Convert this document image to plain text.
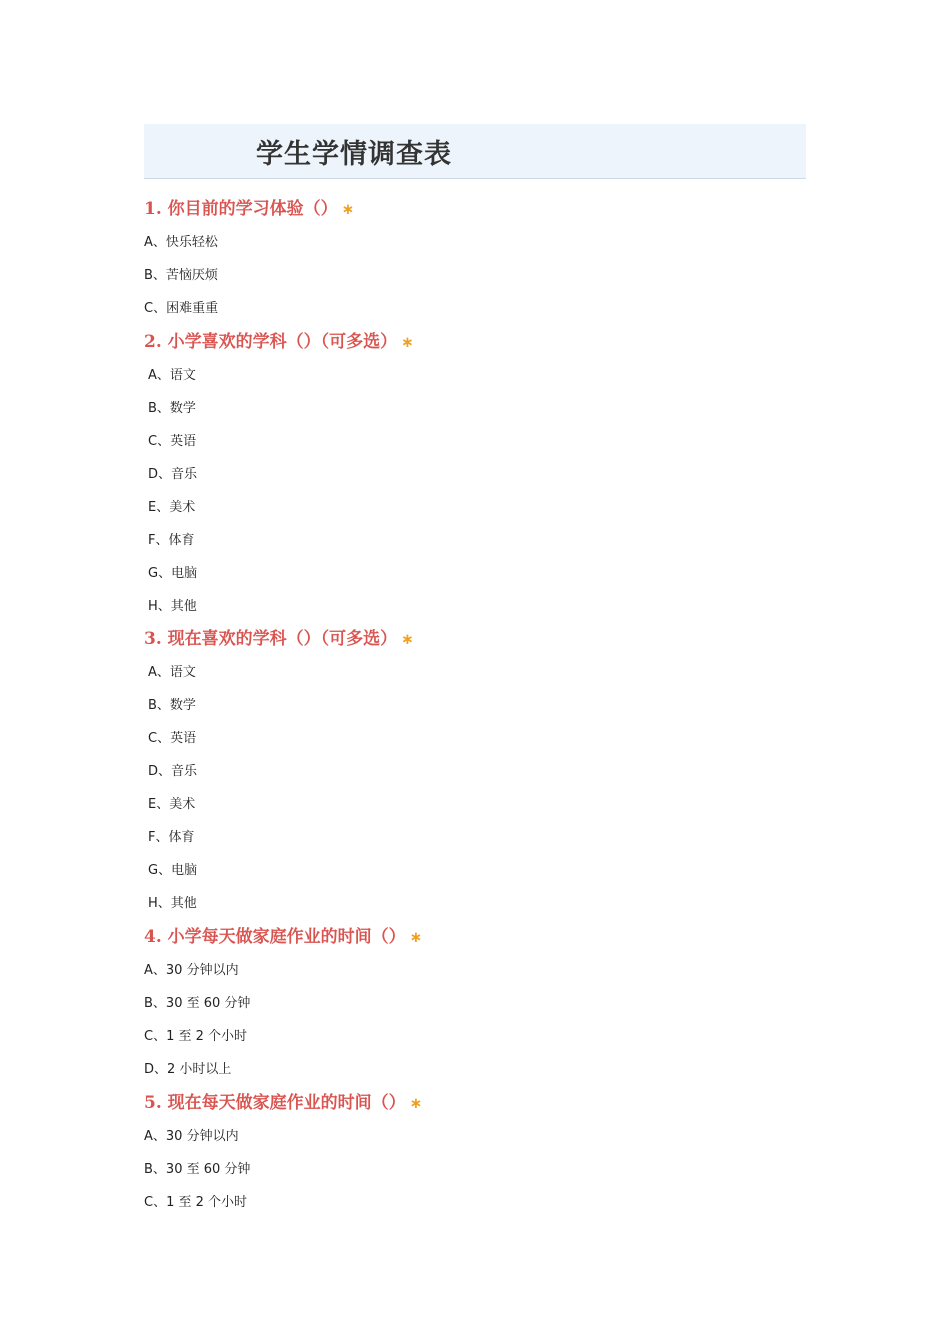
学生学情调查表
1. 你目前的学习体验（） ∗
A、快乐轻松
B、苦恼厌烦
C、困难重重
2. 小学喜欢的学科（）（可多选） ∗
A、语文
B、数学
C、英语
D、音乐
E、美术
F、体育
G、电脑
H、其他
3. 现在喜欢的学科（）（可多选） ∗
A、语文
B、数学
C、英语
D、音乐
E、美术
F、体育
G、电脑
H、其他
4. 小学每天做家庭作业的时间（） ∗
A、30 分钟以内
B、30 至 60 分钟
C、1 至 2 个小时
D、2 小时以上
5. 现在每天做家庭作业的时间（） ∗
A、30 分钟以内
B、30 至 60 分钟
C、1 至 2 个小时
